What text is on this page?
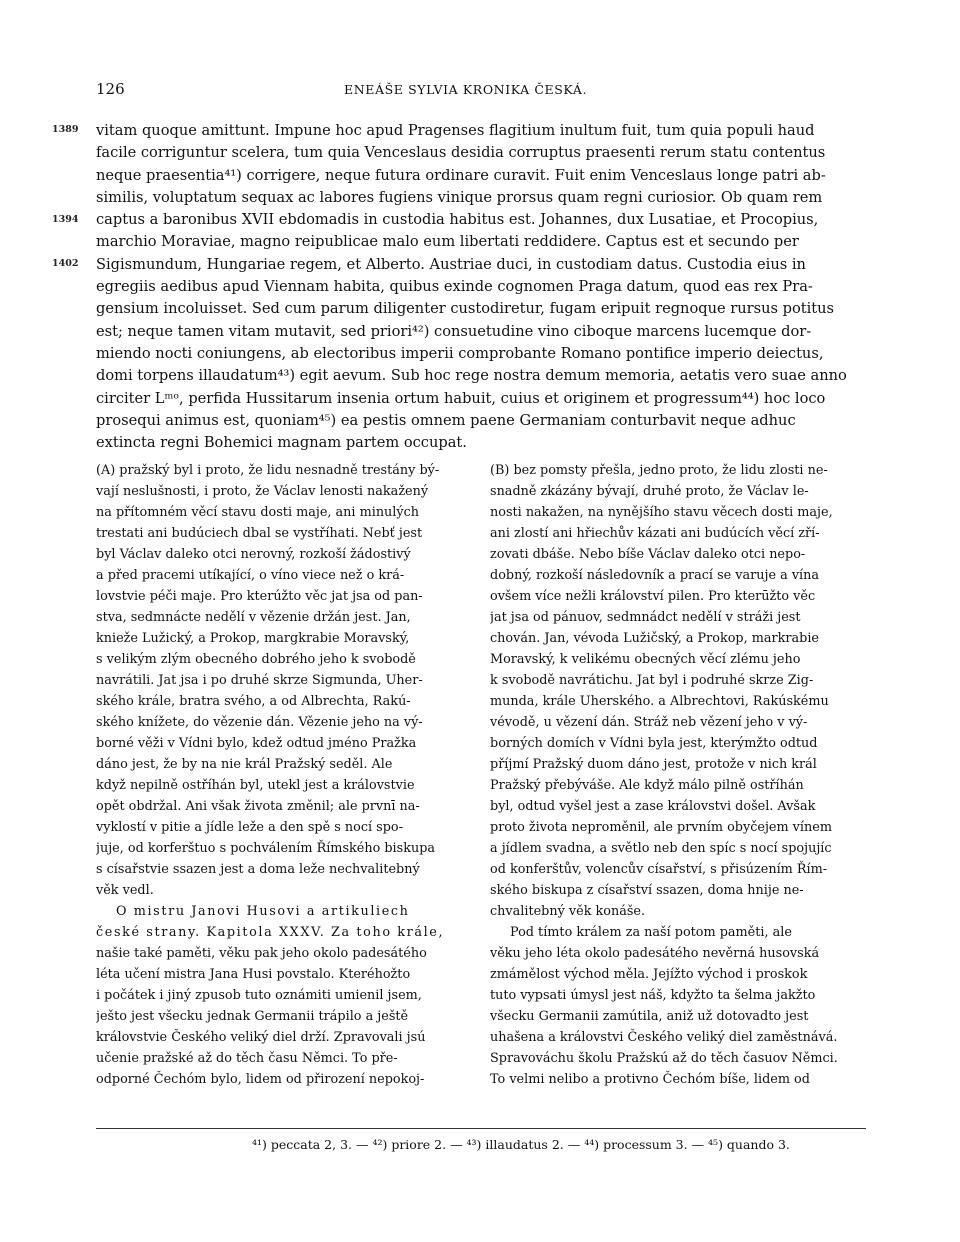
126	ENEÁŠE SYLVIA KRONIKA ČESKÁ.
1389
1394
1402
vitam quoque amittunt. Impune hoc apud Pragenses flagitium inultum fuit, tum quia populi haud
facile corriguntur scelera, tum quia Venceslaus desidia corruptus praesenti rerum statu contentus
neque praesentia⁴¹) corrigere, neque futura ordinare curavit. Fuit enim Venceslaus longe patri ab-
similis, voluptatum sequax ac labores fugiens vinique prorsus quam regni curiosior. Ob quam rem
captus a baronibus XVII ebdomadis in custodia habitus est. Johannes, dux Lusatiae, et Procopius,
marchio Moraviae, magno reipublicae malo eum libertati reddidere. Captus est et secundo per
Sigismundum, Hungariae regem, et Alberto. Austriae duci, in custodiam datus. Custodia eius in
egregiis aedibus apud Viennam habita, quibus exinde cognomen Praga datum, quod eas rex Pra-
gensium incoluisset. Sed cum parum diligenter custodiretur, fugam eripuit regnoque rursus potitus
est; neque tamen vitam mutavit, sed priori⁴²) consuetudine vino ciboque marcens lucemque dor-
miendo nocti coniungens, ab electoribus imperii comprobante Romano pontifice imperio deiectus,
domi torpens illaudatum⁴³) egit aevum. Sub hoc rege nostra demum memoria, aetatis vero suae anno
circiter Lᵐᵒ, perfida Hussitarum insenia ortum habuit, cuius et originem et progressum⁴⁴) hoc loco
prosequi animus est, quoniam⁴⁵) ea pestis omnem paene Germaniam conturbavit neque adhuc
extincta regni Bohemici magnam partem occupat.
(A) pražský byl i proto, že lidu nesnadně trestány bý-
vají neslušnosti, i proto, že Václav lenosti nakažený
na přítomném věcí stavu dosti maje, ani minulých
trestati ani budúciech dbal se vystříhati. Nebť jest
byl Václav daleko otci nerovný, rozkoší žádostivý
a před pracemi utíkající, o víno viece než o krá-
lovstvie péči maje. Pro kterúžto věc jat jsa od pan-
stva, sedmnácte nedělí v vězenie držán jest. Jan,
knieže Lužický, a Prokop, margkrabie Moravský,
s velikým zlým obecného dobrého jeho k svobodě
navrátili. Jat jsa i po druhé skrze Sigmunda, Uher-
ského krále, bratra svého, a od Albrechta, Rakú-
ského knížete, do vězenie dán. Vězenie jeho na vý-
borné věži v Vídni bylo, kdež odtud jméno Pražka
dáno jest, že by na nie král Pražský seděl. Ale
když nepilně ostříhán byl, utekl jest a královstvie
opět obdržal. Ani však života změnil; ale prvnī na-
vyklostí v pitie a jídle leže a den spě s nocí spo-
juje, od korferštuo s pochválením Římského biskupa
s císařstvie ssazen jest a doma leže nechvalitebný
věk vedl.
O mistru Janovi Husovi a artikuliech
české strany. Kapitola XXXV. Za toho krále,
našie také paměti, věku pak jeho okolo padesátého
léta učení mistra Jana Husi povstalo. Kteréhožto
i počátek i jiný zpusob tuto oznámiti umienil jsem,
ješto jest všecku jednak Germanii trápilo a ještě
královstvie Českého veliký diel drží. Zpravovali jsú
učenie pražské až do těch času Němci. To pře-
odporné Čechóm bylo, lidem od přirození nepokoj-
(B) bez pomsty přešla, jedno proto, že lidu zlosti ne-
snadně zkázány bývají, druhé proto, že Václav le-
nosti nakažen, na nynějšího stavu věcech dosti maje,
ani zlostí ani hřiechův kázati ani budúcích věcí zří-
zovati dbáše. Nebo bíše Václav daleko otci nepo-
dobný, rozkoší následovník a prací se varuje a vína
ovšem více nežli království pilen. Pro kterūžto věc
jat jsa od pánuov, sedmnádct nedělí v stráži jest
chován. Jan, vévoda Lužičský, a Prokop, markrabie
Moravský, k velikému obecných věcí zlému jeho
k svobodě navrátichu. Jat byl i podruhé skrze Zig-
munda, krále Uherského. a Albrechtovi, Rakúskému
vévodě, u vězení dán. Stráž neb vězení jeho v vý-
borných domích v Vídni byla jest, kterýmžto odtud
příjmí Pražský duom dáno jest, protože v nich král
Pražský přebýváše. Ale když málo pilně ostříhán
byl, odtud vyšel jest a zase královstvi došel. Avšak
proto života neproměnil, ale prvním obyčejem vínem
a jídlem svadna, a světlo neb den spíc s nocí spojujíc
od konferštův, volencův císařství, s přisúzením Řím-
ského biskupa z císařství ssazen, doma hnije ne-
chvalitebný věk konáše.
Pod tímto králem za naší potom paměti, ale
věku jeho léta okolo padesátého nevěrná husovská
zmámělost východ měla. Jejížto východ i proskok
tuto vypsati úmysl jest náš, kdyžto ta šelma jakžto
všecku Germanii zamútila, aniž už dotovadto jest
uhašena a královstvi Českého veliký diel zaměstnává.
Spravováchu školu Pražskú až do těch časuov Němci.
To velmi nelibo a protivno Čechóm bíše, lidem od
⁴¹) peccata 2, 3. — ⁴²) priore 2. — ⁴³) illaudatus 2. — ⁴⁴) processum 3. — ⁴⁵) quando 3.
